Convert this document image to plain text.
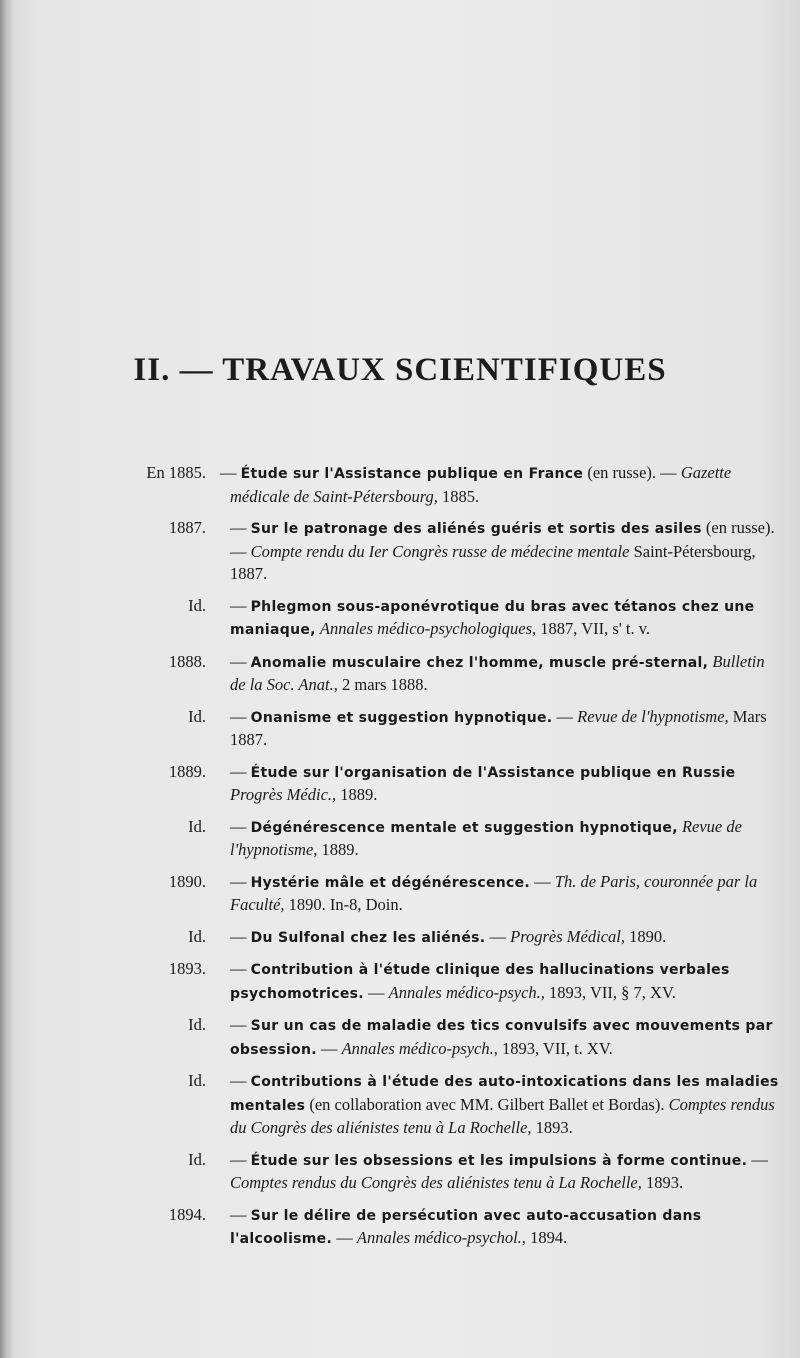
II. — TRAVAUX SCIENTIFIQUES
En 1885. — Étude sur l'Assistance publique en France (en russe). — Gazette médicale de Saint-Pétersbourg, 1885.
1887. — Sur le patronage des aliénés guéris et sortis des asiles (en russe). — Compte rendu du Ier Congrès russe de médecine mentale Saint-Pétersbourg, 1887.
Id. — Phlegmon sous-aponévrotique du bras avec tétanos chez une maniaque, Annales médico-psychologiques, 1887, VII, s' t. v.
1888. — Anomalie musculaire chez l'homme, muscle pré-sternal, Bulletin de la Soc. Anat., 2 mars 1888.
Id. — Onanisme et suggestion hypnotique. — Revue de l'hypnotisme, Mars 1887.
1889. — Étude sur l'organisation de l'Assistance publique en Russie Progrès Médic., 1889.
Id. — Dégénérescence mentale et suggestion hypnotique, Revue de l'hypnotisme, 1889.
1890. — Hystérie mâle et dégénérescence. — Th. de Paris, couronnée par la Faculté, 1890. In-8, Doin.
Id. — Du Sulfonal chez les aliénés. — Progrès Médical, 1890.
1893. — Contribution à l'étude clinique des hallucinations verbales psychomotrices. — Annales médico-psych., 1893, VII, § 7, XV.
Id. — Sur un cas de maladie des tics convulsifs avec mouvements par obsession. — Annales médico-psych., 1893, VII, t. XV.
Id. — Contributions à l'étude des auto-intoxications dans les maladies mentales (en collaboration avec MM. Gilbert Ballet et Bordas). Comptes rendus du Congrès des aliénistes tenu à La Rochelle, 1893.
Id. — Étude sur les obsessions et les impulsions à forme continue. — Comptes rendus du Congrès des aliénistes tenu à La Rochelle, 1893.
1894. — Sur le délire de persécution avec auto-accusation dans l'alcoolisme. — Annales médico-psychol., 1894.
